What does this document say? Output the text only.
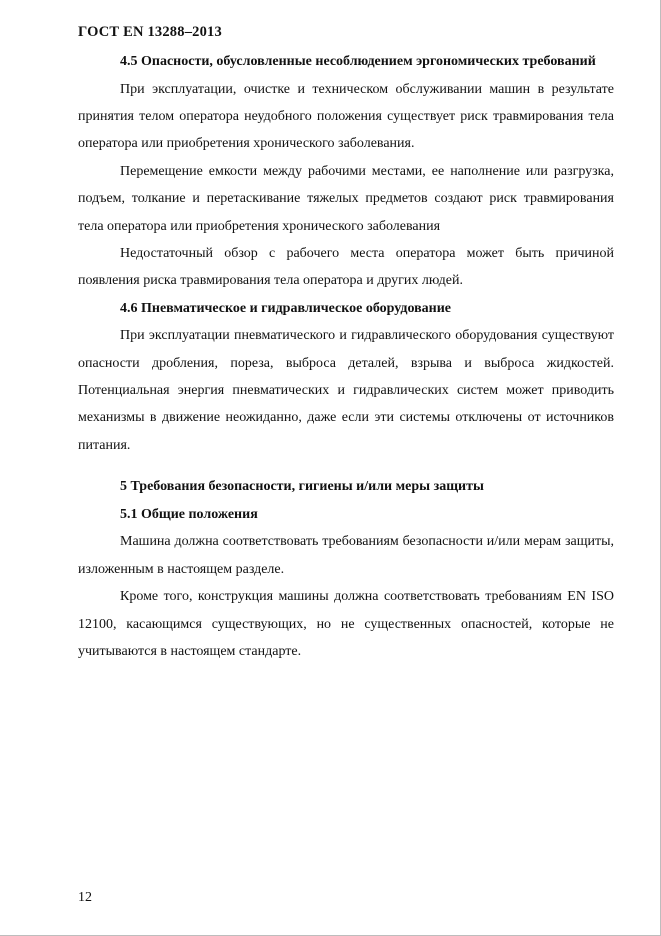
ГОСТ EN 13288–2013
4.5 Опасности, обусловленные несоблюдением эргономических требований

При эксплуатации, очистке и техническом обслуживании машин в результате принятия телом оператора неудобного положения существует риск травмирования тела оператора или приобретения хронического заболевания.

Перемещение емкости между рабочими местами, ее наполнение или разгрузка, подъем, толкание и перетаскивание тяжелых предметов создают риск травмирования тела оператора или приобретения хронического заболевания

Недостаточный обзор с рабочего места оператора может быть причиной появления риска травмирования тела оператора и других людей.

4.6 Пневматическое и гидравлическое оборудование

При эксплуатации пневматического и гидравлического оборудования существуют опасности дробления, пореза, выброса деталей, взрыва и выброса жидкостей. Потенциальная энергия пневматических и гидравлических систем может приводить механизмы в движение неожиданно, даже если эти системы отключены от источников питания.

5 Требования безопасности, гигиены и/или меры защиты
5.1 Общие положения

Машина должна соответствовать требованиям безопасности и/или мерам защиты, изложенным в настоящем разделе.

Кроме того, конструкция машины должна соответствовать требованиям EN ISO 12100, касающимся существующих, но не существенных опасностей, которые не учитываются в настоящем стандарте.

12
